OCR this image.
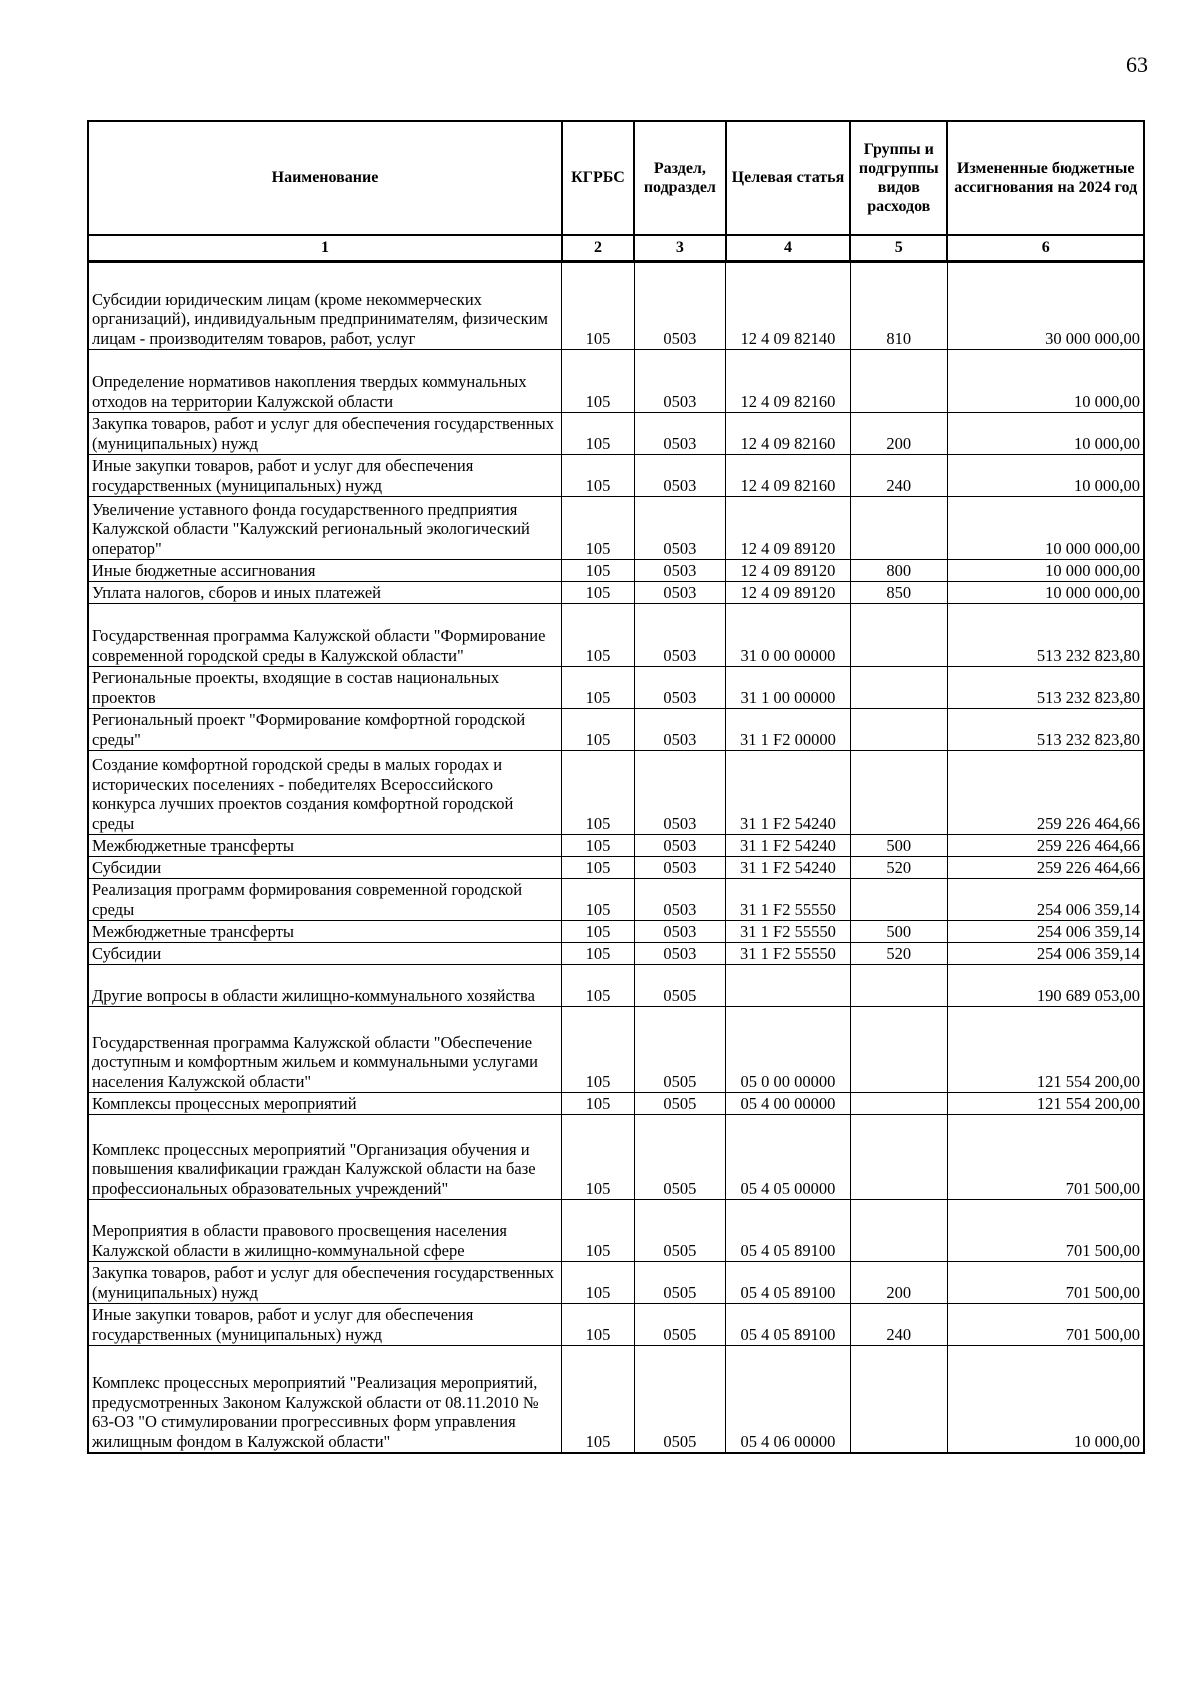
63
Наименование	КГРБС	Раздел, подраздел	Целевая статья	Группы и подгруппы видов расходов	Измененные бюджетные ассигнования на 2024 год
1	2	3	4	5	6
Субсидии юридическим лицам (кроме некоммерческих организаций), индивидуальным предпринимателям, физическим лицам - производителям товаров, работ, услуг	105	0503	12 4 09 82140	810	30 000 000,00
Определение нормативов накопления твердых коммунальных отходов на территории Калужской области	105	0503	12 4 09 82160		10 000,00
Закупка товаров, работ и услуг для обеспечения государственных (муниципальных) нужд	105	0503	12 4 09 82160	200	10 000,00
Иные закупки товаров, работ и услуг для обеспечения государственных (муниципальных) нужд	105	0503	12 4 09 82160	240	10 000,00
Увеличение уставного фонда государственного предприятия Калужской области "Калужский региональный экологический оператор"	105	0503	12 4 09 89120		10 000 000,00
Иные бюджетные ассигнования	105	0503	12 4 09 89120	800	10 000 000,00
Уплата налогов, сборов и иных платежей	105	0503	12 4 09 89120	850	10 000 000,00
Государственная программа Калужской области "Формирование современной городской среды в Калужской области"	105	0503	31 0 00 00000		513 232 823,80
Региональные проекты, входящие в состав национальных проектов	105	0503	31 1 00 00000		513 232 823,80
Региональный проект "Формирование комфортной городской среды"	105	0503	31 1 F2 00000		513 232 823,80
Создание комфортной городской среды в малых городах и исторических поселениях - победителях Всероссийского конкурса лучших проектов создания комфортной городской среды	105	0503	31 1 F2 54240		259 226 464,66
Межбюджетные трансферты	105	0503	31 1 F2 54240	500	259 226 464,66
Субсидии	105	0503	31 1 F2 54240	520	259 226 464,66
Реализация программ формирования современной городской среды	105	0503	31 1 F2 55550		254 006 359,14
Межбюджетные трансферты	105	0503	31 1 F2 55550	500	254 006 359,14
Субсидии	105	0503	31 1 F2 55550	520	254 006 359,14
Другие вопросы в области жилищно-коммунального хозяйства	105	0505			190 689 053,00
Государственная программа Калужской области "Обеспечение доступным и комфортным жильем и коммунальными услугами населения Калужской области"	105	0505	05 0 00 00000		121 554 200,00
Комплексы процессных мероприятий	105	0505	05 4 00 00000		121 554 200,00
Комплекс процессных мероприятий "Организация обучения и повышения квалификации граждан Калужской области на базе профессиональных образовательных учреждений"	105	0505	05 4 05 00000		701 500,00
Мероприятия в области правового просвещения населения Калужской области в жилищно-коммунальной сфере	105	0505	05 4 05 89100		701 500,00
Закупка товаров, работ и услуг для обеспечения государственных (муниципальных) нужд	105	0505	05 4 05 89100	200	701 500,00
Иные закупки товаров, работ и услуг для обеспечения государственных (муниципальных) нужд	105	0505	05 4 05 89100	240	701 500,00
Комплекс процессных мероприятий "Реализация мероприятий, предусмотренных Законом Калужской области от 08.11.2010 № 63-ОЗ "О стимулировании прогрессивных форм управления жилищным фондом в Калужской области"	105	0505	05 4 06 00000		10 000,00
